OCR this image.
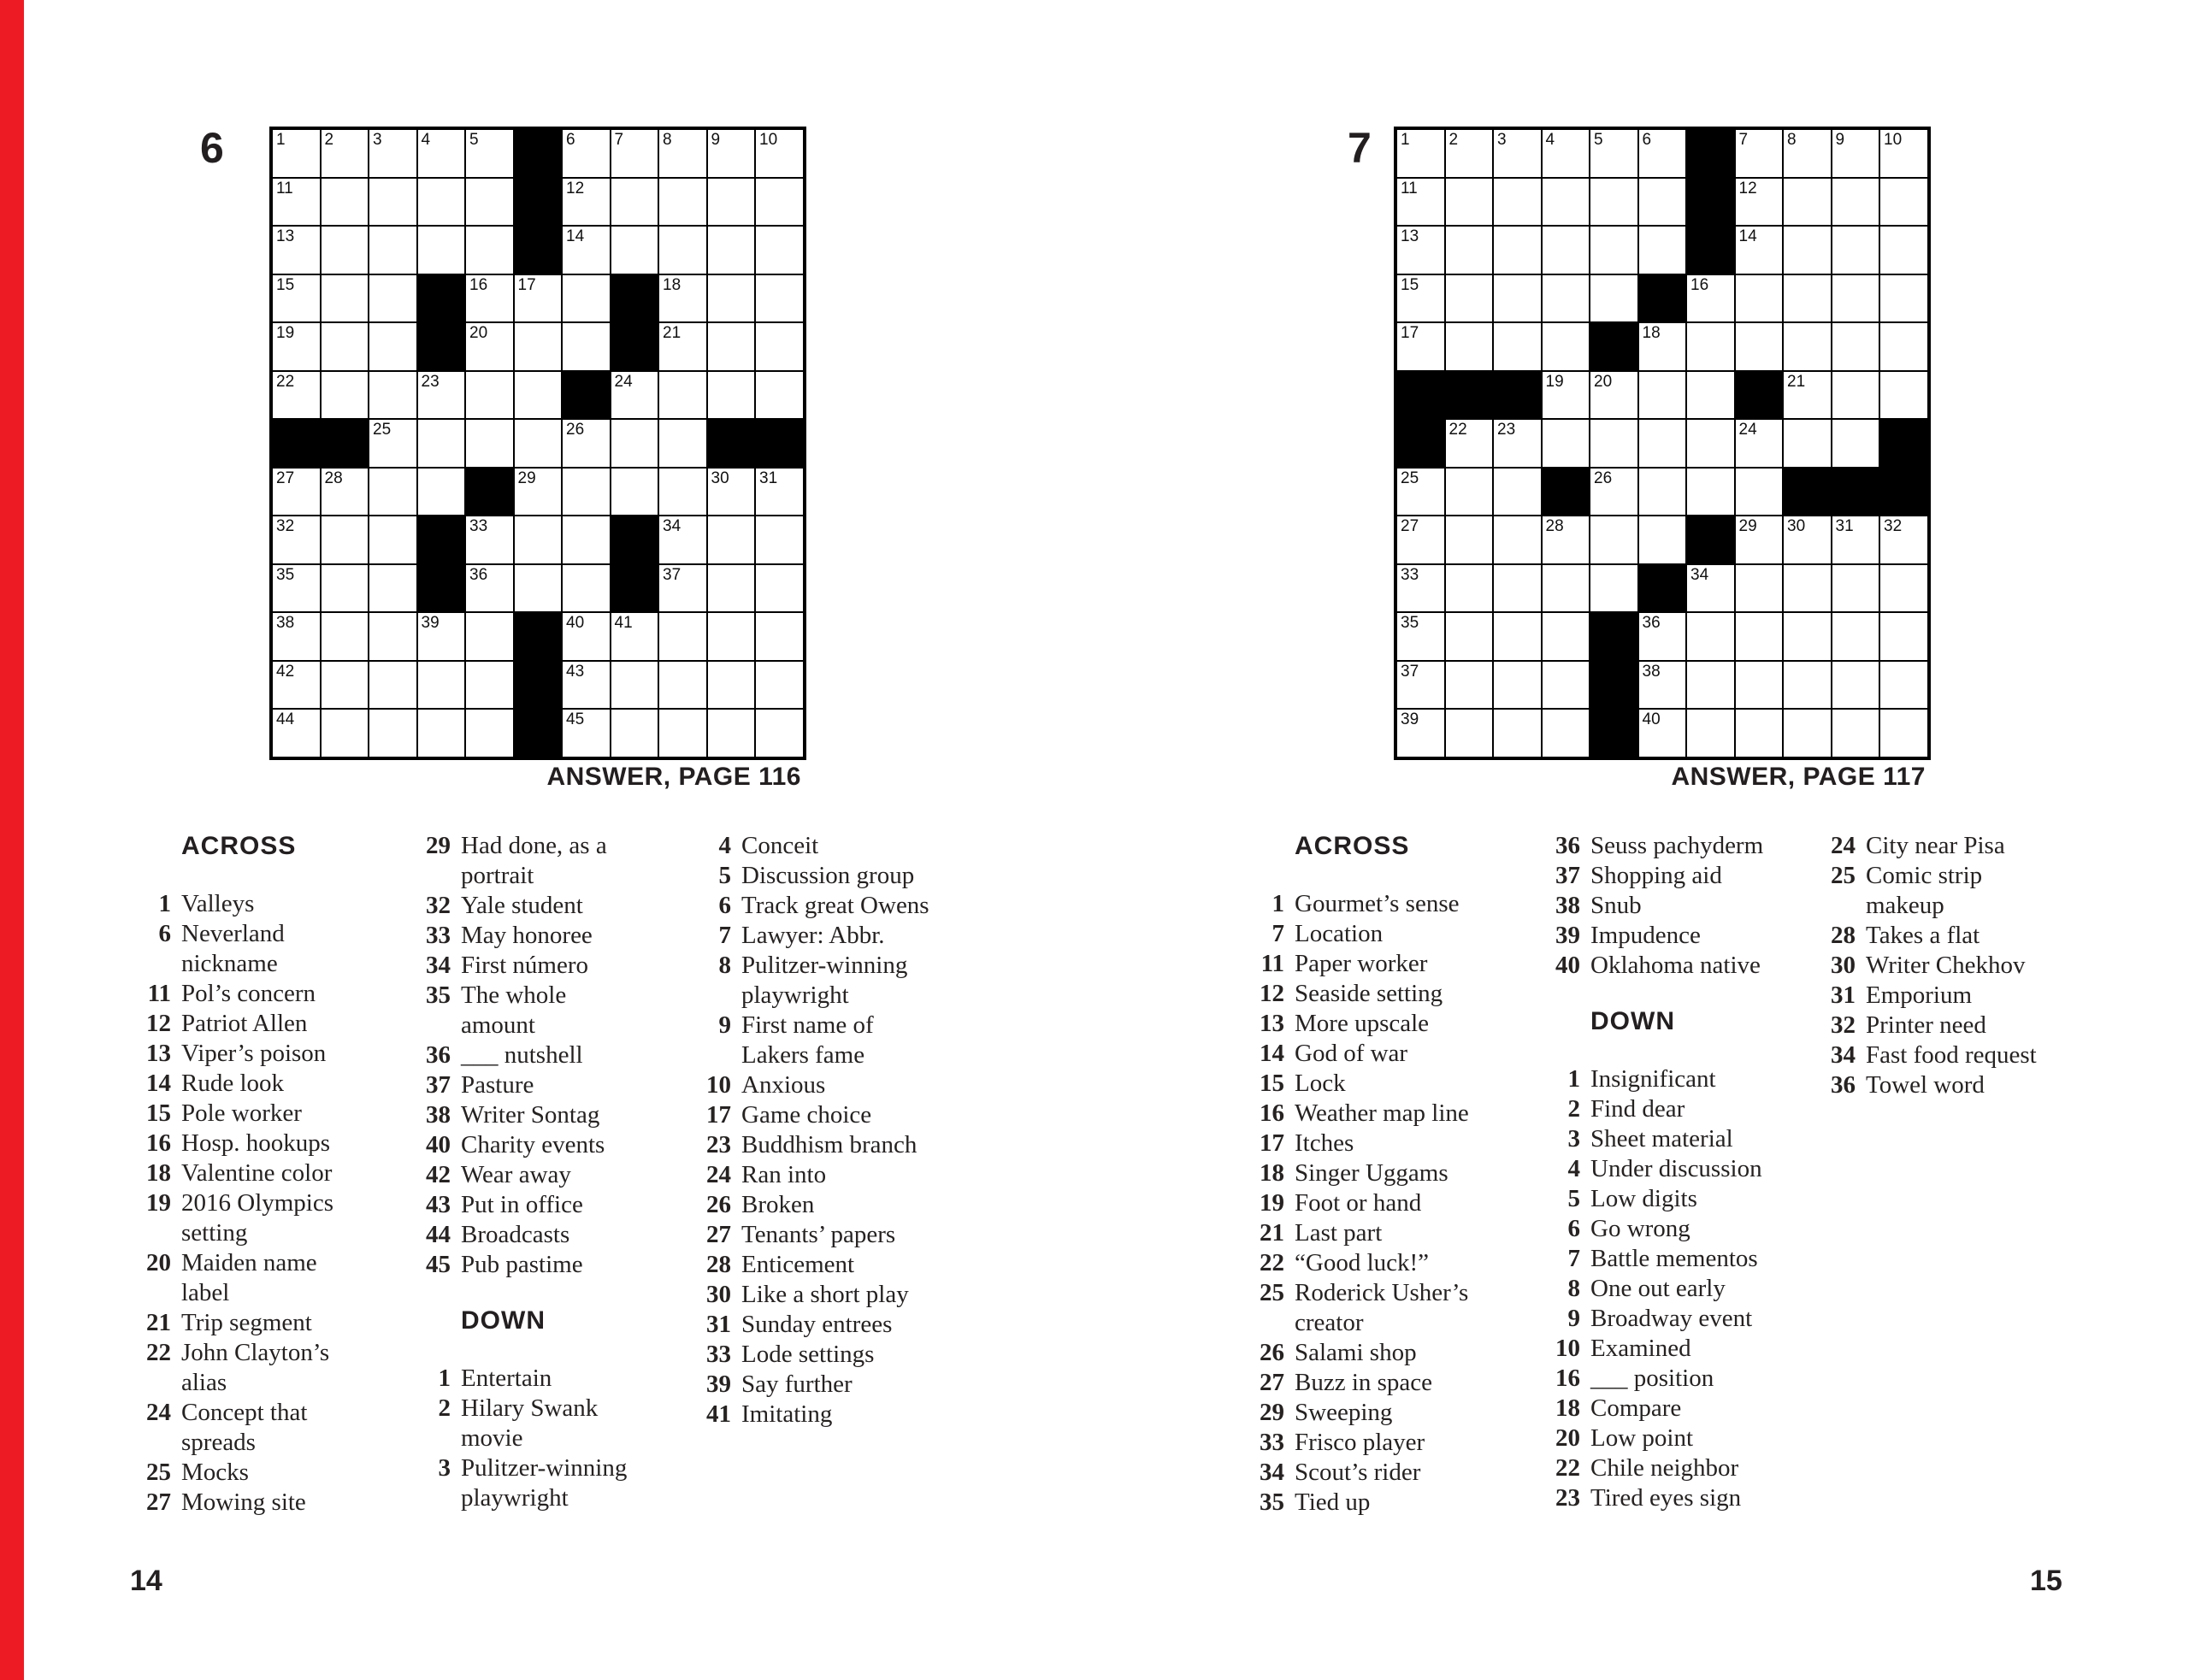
6	1 2 3 4 5	6 7 8 9 10
11	12
13	14
15	16 17	18
19	20	21
22	23	24
25	26
27 28	29	30 31
32	33	34
35	36	37
38	39	40 41
42	43
44	45
ANSWER, PAGE 116
ACROSS
1 Valleys
6 Neverland
nickname
11 Pol’s concern
12 Patriot Allen
13 Viper’s poison
14 Rude look
15 Pole worker
16 Hosp. hookups
18 Valentine color
19 2016 Olympics
setting
20 Maiden name
label
21 Trip segment
22 John Clayton’s
alias
24 Concept that
spreads
25 Mocks
27 Mowing site
29 Had done, as a
portrait
32 Yale student
33 May honoree
34 First número
35 The whole
amount
36 ___ nutshell
37 Pasture
38 Writer Sontag
40 Charity events
42 Wear away
43 Put in office
44 Broadcasts
45 Pub pastime
DOWN
1 Entertain
2 Hilary Swank
movie
3 Pulitzer-winning
playwright
4 Conceit
5 Discussion group
6 Track great Owens
7 Lawyer: Abbr.
8 Pulitzer-winning
playwright
9 First name of
Lakers fame
10 Anxious
17 Game choice
23 Buddhism branch
24 Ran into
26 Broken
27 Tenants’ papers
28 Enticement
30 Like a short play
31 Sunday entrees
33 Lode settings
39 Say further
41 Imitating
14
7 1 2 3 4 5 6	7 8 9 10
11	12
13	14
15	16
17	18
19 20	21
22 23	24
25	26
27	28	29 30 31 32
33	34
35	36
37	38
39	40
ANSWER, PAGE 117
ACROSS
1 Gourmet’s sense
7 Location
11 Paper worker
12 Seaside setting
13 More upscale
14 God of war
15 Lock
16 Weather map line
17 Itches
18 Singer Uggams
19 Foot or hand
21 Last part
22 “Good luck!”
25 Roderick Usher’s
creator
26 Salami shop
27 Buzz in space
29 Sweeping
33 Frisco player
34 Scout’s rider
35 Tied up
36 Seuss pachyderm
37 Shopping aid
38 Snub
39 Impudence
40 Oklahoma native
DOWN
1 Insignificant
2 Find dear
3 Sheet material
4 Under discussion
5 Low digits
6 Go wrong
7 Battle mementos
8 One out early
9 Broadway event
10 Examined
16 ___ position
18 Compare
20 Low point
22 Chile neighbor
23 Tired eyes sign
24 City near Pisa
25 Comic strip
makeup
28 Takes a flat
30 Writer Chekhov
31 Emporium
32 Printer need
34 Fast food request
36 Towel word
15
